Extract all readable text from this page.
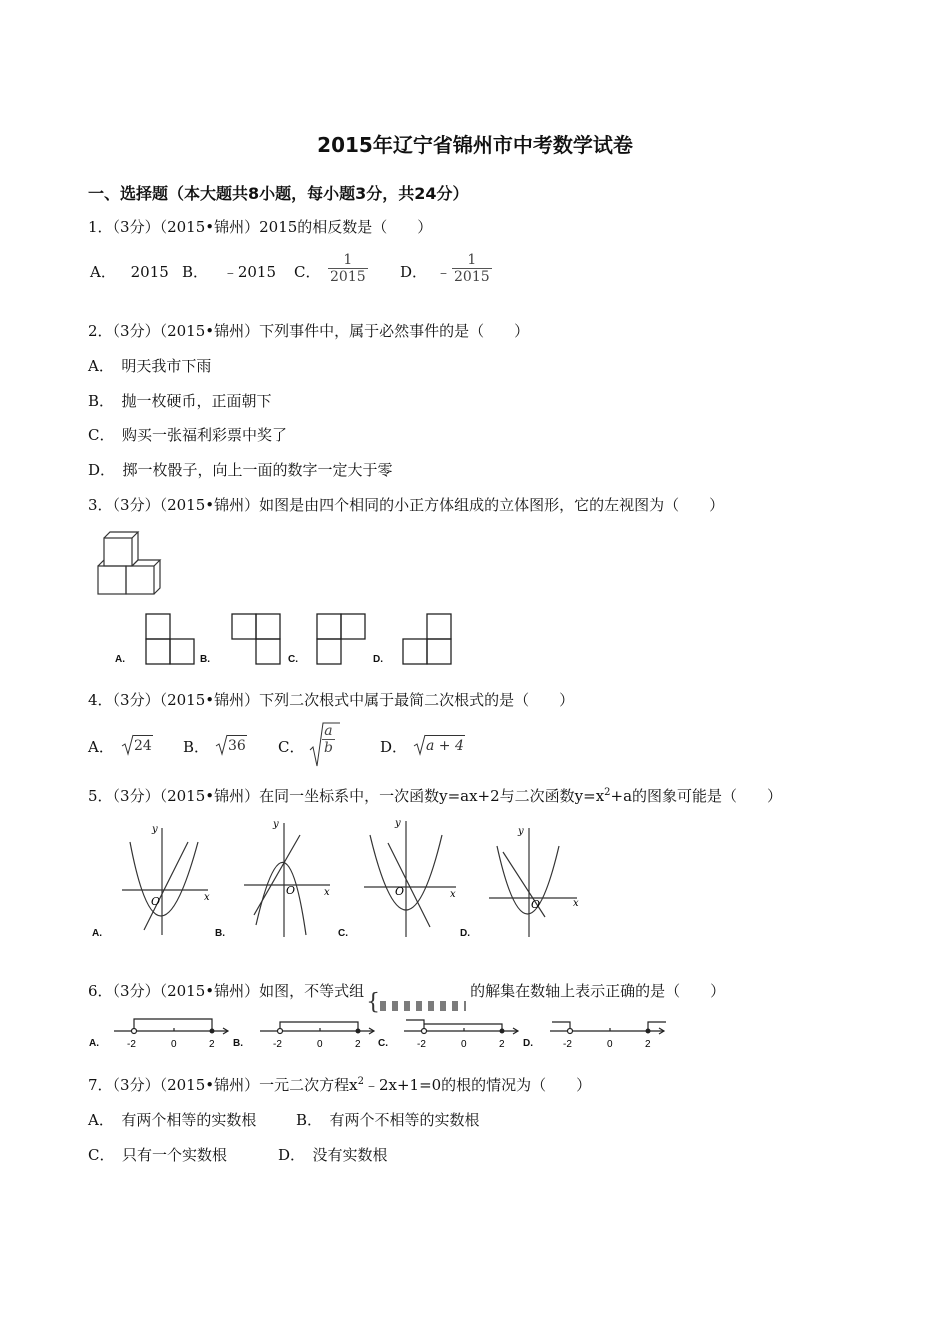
2015年辽宁省锦州市中考数学试卷
一、选择题（本大题共8小题，每小题3分，共24分）
1．（3分）（2015•锦州）2015的相反数是（　　）
A． 2015 B． ﹣2015 C． $\frac{1}{2015}$ D． ﹣ $\frac{1}{2015}$
2．（3分）（2015•锦州）下列事件中，属于必然事件的是（　　）
A．　明天我市下雨
B．　抛一枚硬币，正面朝下
C．　购买一张福利彩票中奖了
D．　掷一枚骰子，向上一面的数字一定大于零
3．（3分）（2015•锦州）如图是由四个相同的小正方体组成的立体图形，它的左视图为（　　）
A.	B.	C.	D.
4．（3分）（2015•锦州）下列二次根式中属于最简二次根式的是（　　）
A．	24 B．	36 C． $\frac{a}{b}$	D．	a + 4
5．（3分）（2015•锦州）在同一坐标系中，一次函数y=ax+2与二次函数$y=x^2+a$的图象可能是（　　）
x
y
O
A.
x
y
O
B.
x
y
O
C.
x
y
O
D.
6．（3分）（2015•锦州）如图，不等式组 {	的解集在数轴上表示正确的是（　　）
-2	0	2
A.	-2	0	2
B.	-2	0	2
C.	-2	0	2
D.
7．（3分）（2015•锦州）一元二次方程$x^2﹣2x+1=0$的根的情况为（　　）
A．　有两个相等的实数根	B．　有两个不相等的实数根
C．　只有一个实数根	D．　没有实数根
